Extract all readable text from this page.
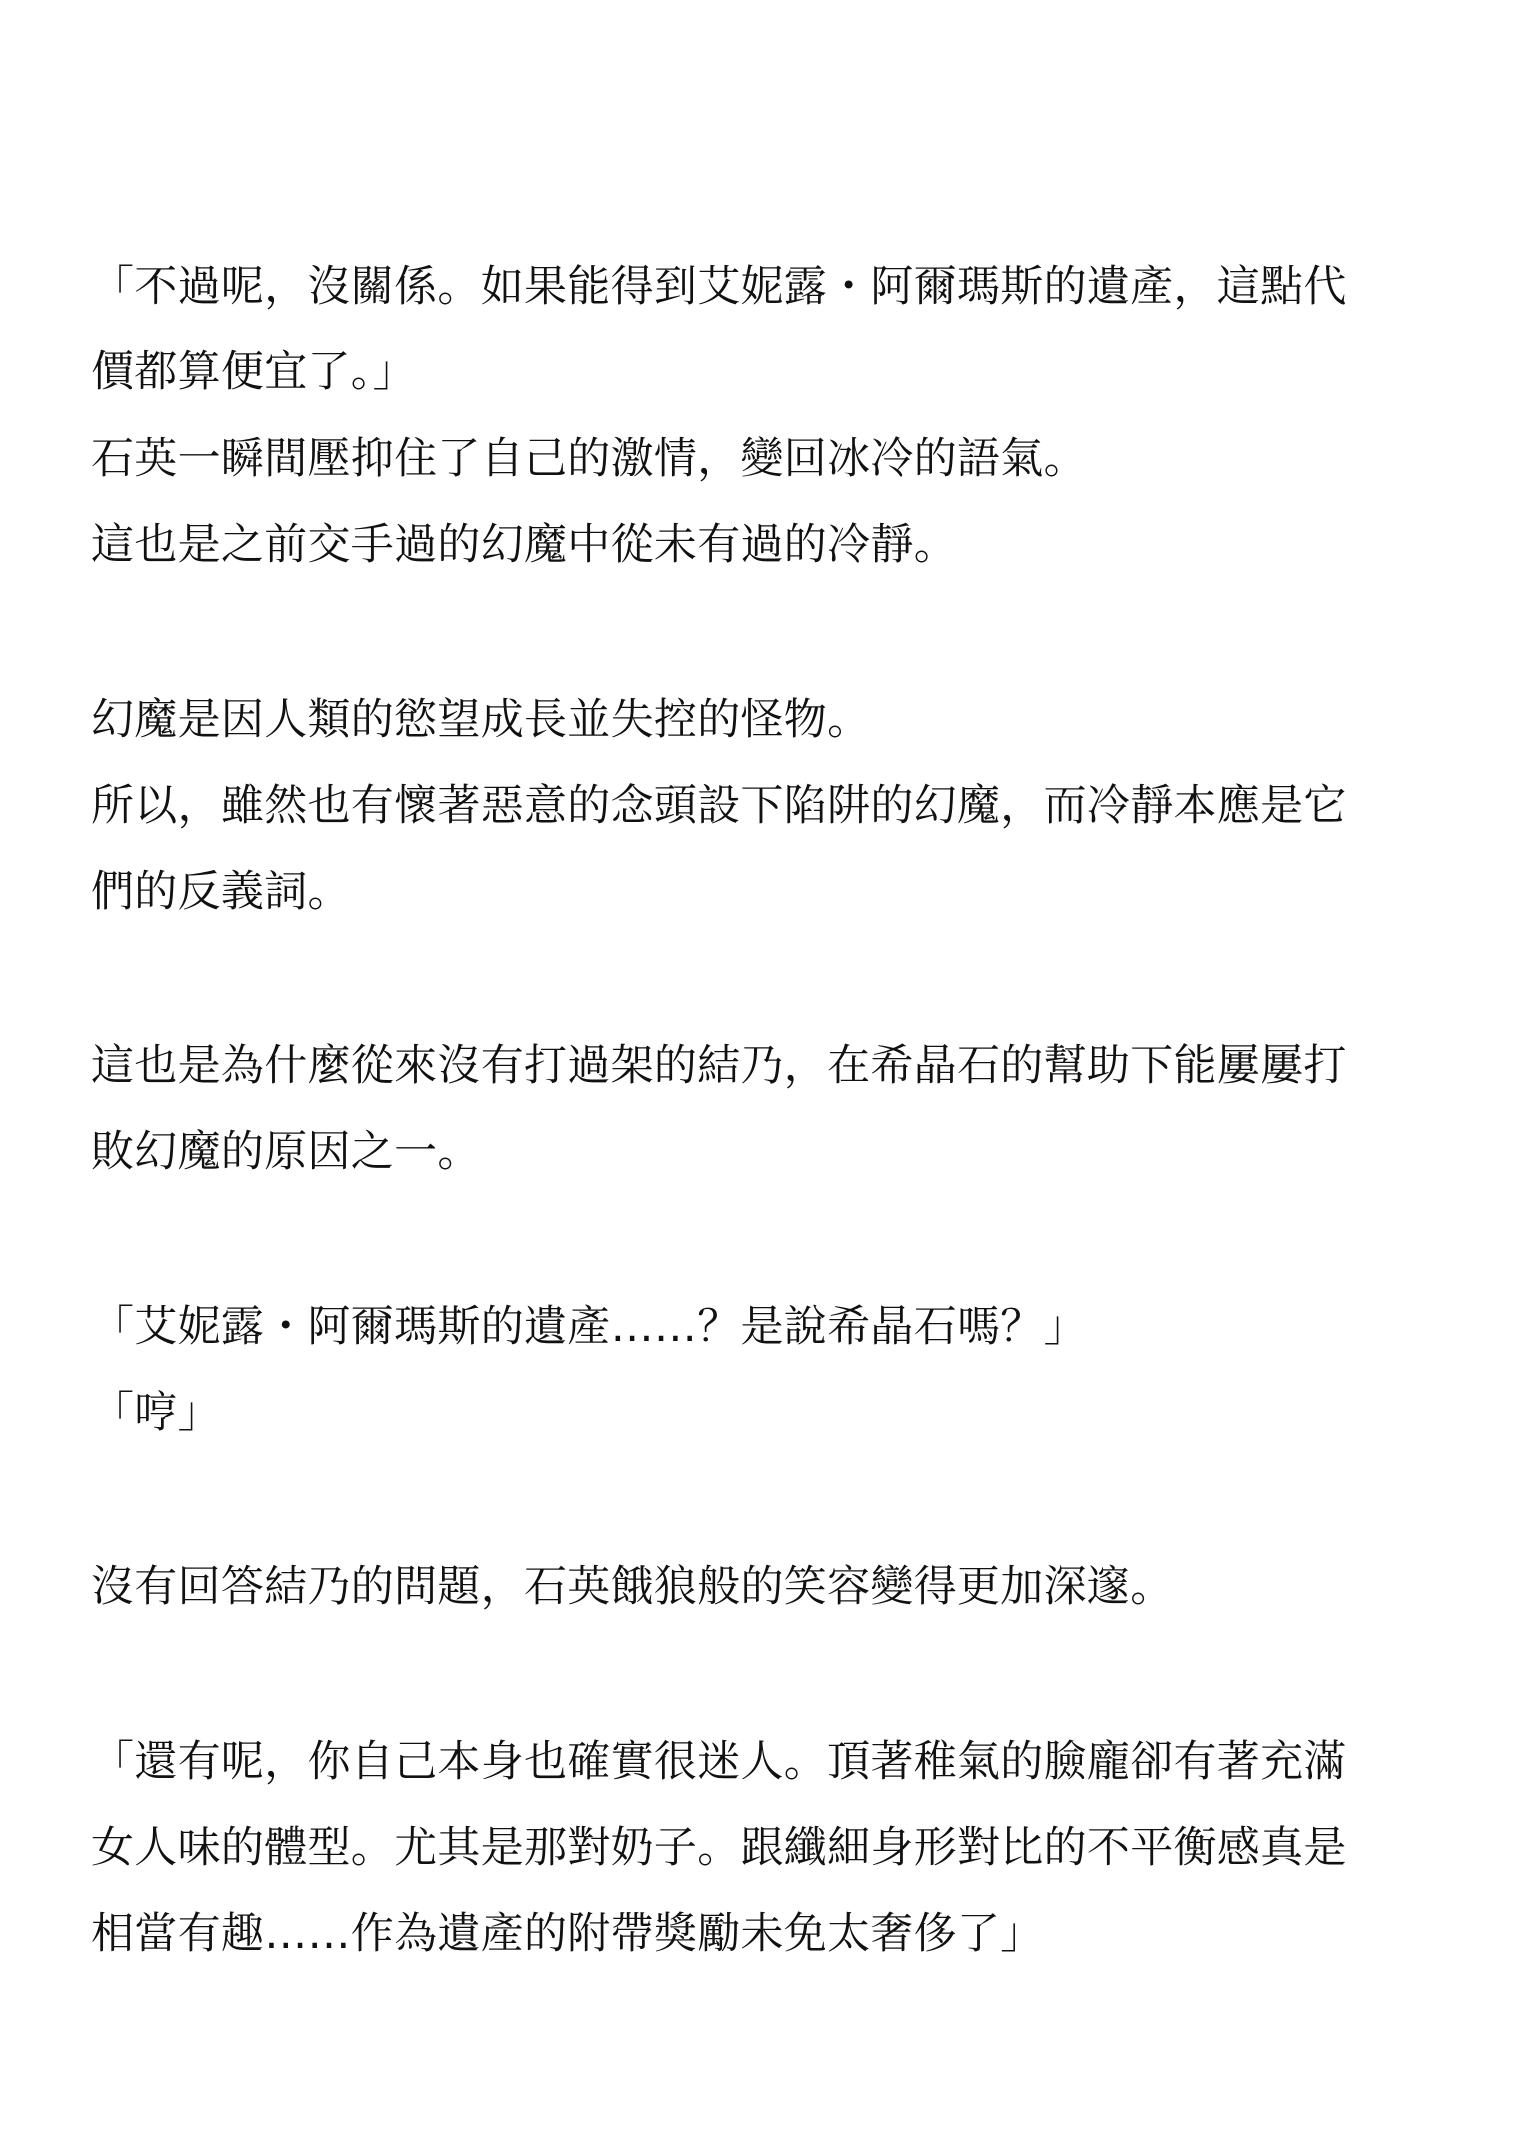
「不過呢，沒關係。如果能得到艾妮露・阿爾瑪斯的遺產，這點代
價都算便宜了。」
石英一瞬間壓抑住了自己的激情，變回冰冷的語氣。
這也是之前交手過的幻魔中從未有過的冷靜。
幻魔是因人類的慾望成長並失控的怪物。
所以，雖然也有懷著惡意的念頭設下陷阱的幻魔，而冷靜本應是它
們的反義詞。
這也是為什麼從來沒有打過架的結乃，在希晶石的幫助下能屢屢打
敗幻魔的原因之一。
「艾妮露・阿爾瑪斯的遺產……？是說希晶石嗎？」
「哼」
沒有回答結乃的問題，石英餓狼般的笑容變得更加深邃。
「還有呢，你自己本身也確實很迷人。頂著稚氣的臉龐卻有著充滿
女人味的體型。尤其是那對奶子。跟纖細身形對比的不平衡感真是
相當有趣……作為遺產的附帶獎勵未免太奢侈了」
